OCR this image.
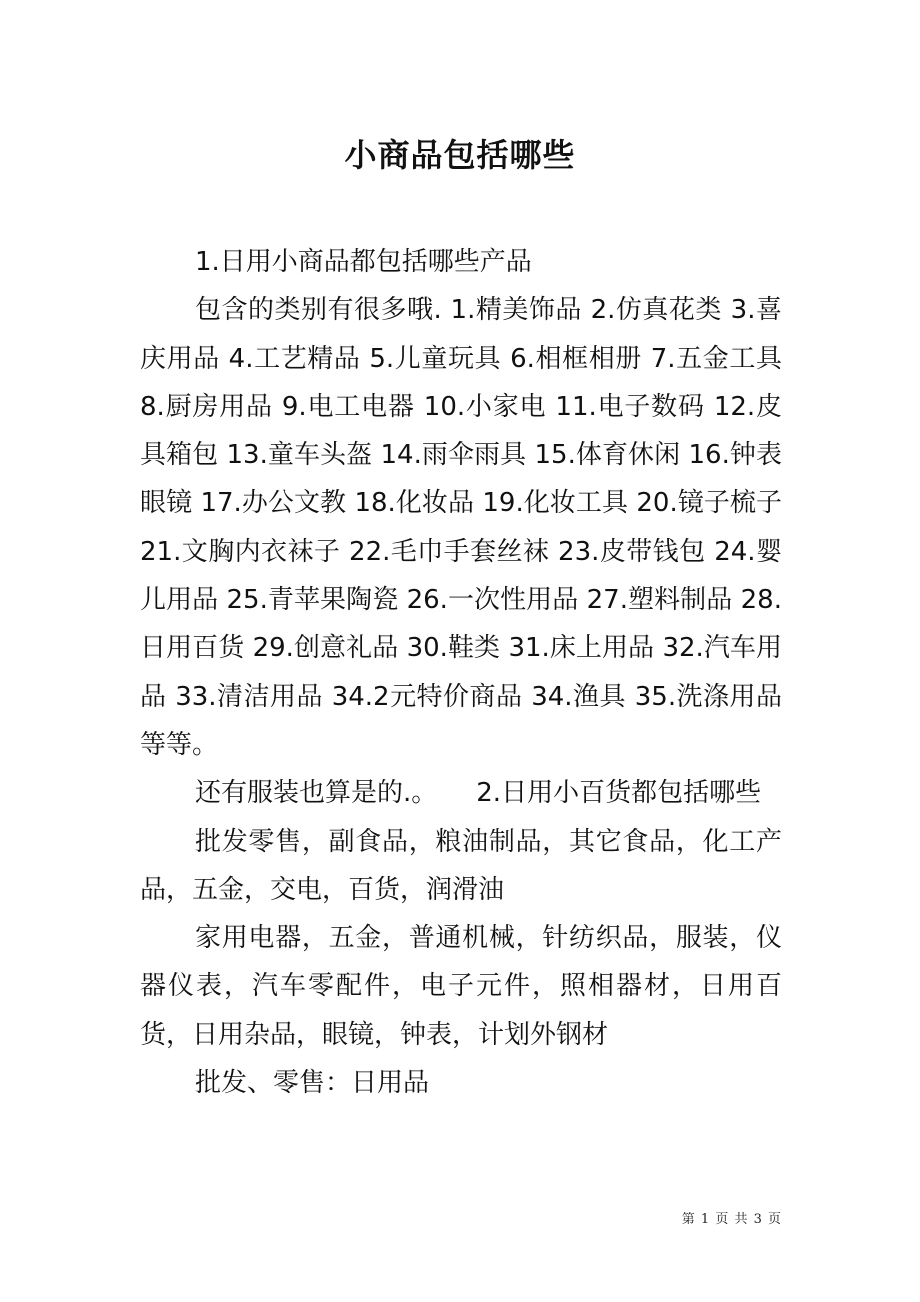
小商品包括哪些

1.日用小商品都包括哪些产品

包含的类别有很多哦. 1.精美饰品 2.仿真花类 3.喜庆用品 4.工艺精品 5.儿童玩具 6.相框相册 7.五金工具 8.厨房用品 9.电工电器 10.小家电 11.电子数码 12.皮具箱包 13.童车头盔 14.雨伞雨具 15.体育休闲 16.钟表眼镜 17.办公文教 18.化妆品 19.化妆工具 20.镜子梳子 21.文胸内衣袜子 22.毛巾手套丝袜 23.皮带钱包 24.婴儿用品 25.青苹果陶瓷 26.一次性用品 27.塑料制品 28.日用百货 29.创意礼品 30.鞋类 31.床上用品 32.汽车用品 33.清洁用品 34.2元特价商品 34.渔具 35.洗涤用品 等等。

还有服装也算是的.。　　2.日用小百货都包括哪些

批发零售，副食品，粮油制品，其它食品，化工产品，五金，交电，百货，润滑油

家用电器，五金，普通机械，针纺织品，服装，仪器仪表，汽车零配件，电子元件，照相器材，日用百货，日用杂品，眼镜，钟表，计划外钢材

批发、零售：日用品

第 1 页 共 3 页
